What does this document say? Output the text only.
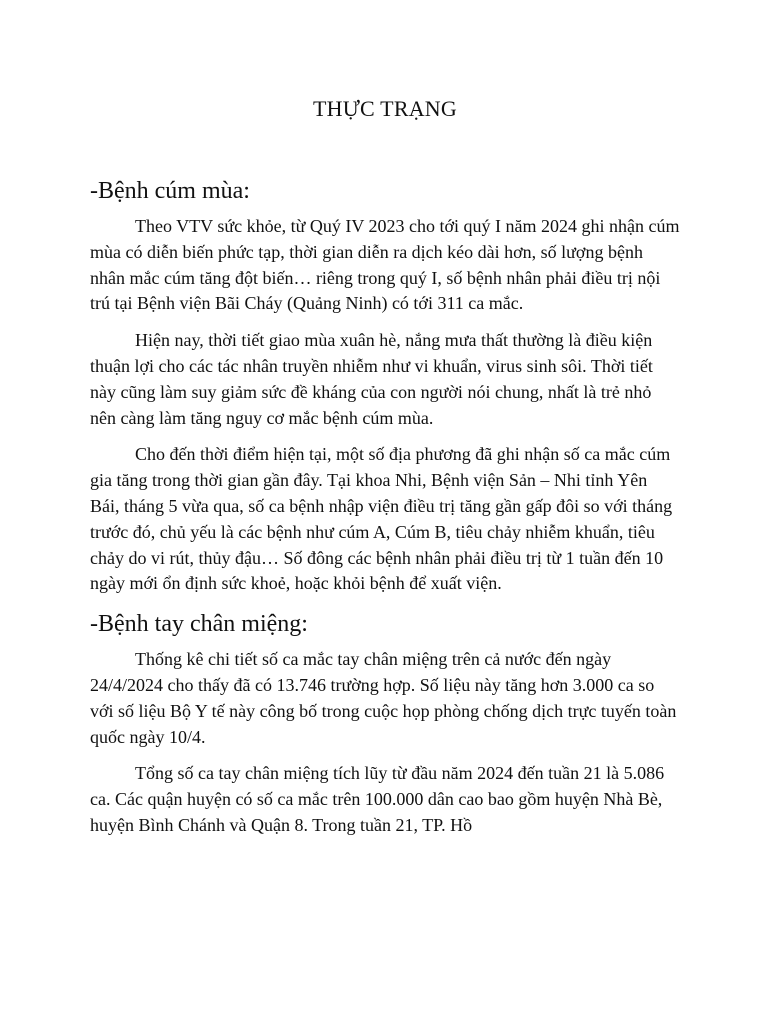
THỰC TRẠNG
-Bệnh cúm mùa:

Theo VTV sức khỏe, từ Quý IV 2023 cho tới quý I năm 2024 ghi nhận cúm mùa có diễn biến phức tạp, thời gian diễn ra dịch kéo dài hơn, số lượng bệnh nhân mắc cúm tăng đột biến… riêng trong quý I, số bệnh nhân phải điều trị nội trú tại Bệnh viện Bãi Cháy (Quảng Ninh) có tới 311 ca mắc.

Hiện nay, thời tiết giao mùa xuân hè, nắng mưa thất thường là điều kiện thuận lợi cho các tác nhân truyền nhiễm như vi khuẩn, virus sinh sôi. Thời tiết này cũng làm suy giảm sức đề kháng của con người nói chung, nhất là trẻ nhỏ nên càng làm tăng nguy cơ mắc bệnh cúm mùa.

Cho đến thời điểm hiện tại, một số địa phương đã ghi nhận số ca mắc cúm gia tăng trong thời gian gần đây. Tại khoa Nhi, Bệnh viện Sản – Nhi tỉnh Yên Bái, tháng 5 vừa qua, số ca bệnh nhập viện điều trị tăng gần gấp đôi so với tháng trước đó, chủ yếu là các bệnh như cúm A, Cúm B, tiêu chảy nhiễm khuẩn, tiêu chảy do vi rút, thủy đậu… Số đông các bệnh nhân phải điều trị từ 1 tuần đến 10 ngày mới ổn định sức khoẻ, hoặc khỏi bệnh để xuất viện.

-Bệnh tay chân miệng:

Thống kê chi tiết số ca mắc tay chân miệng trên cả nước đến ngày 24/4/2024 cho thấy đã có 13.746 trường hợp. Số liệu này tăng hơn 3.000 ca so với số liệu Bộ Y tế này công bố trong cuộc họp phòng chống dịch trực tuyến toàn quốc ngày 10/4.

Tổng số ca tay chân miệng tích lũy từ đầu năm 2024 đến tuần 21 là 5.086 ca. Các quận huyện có số ca mắc trên 100.000 dân cao bao gồm huyện Nhà Bè, huyện Bình Chánh và Quận 8. Trong tuần 21, TP. Hồ
